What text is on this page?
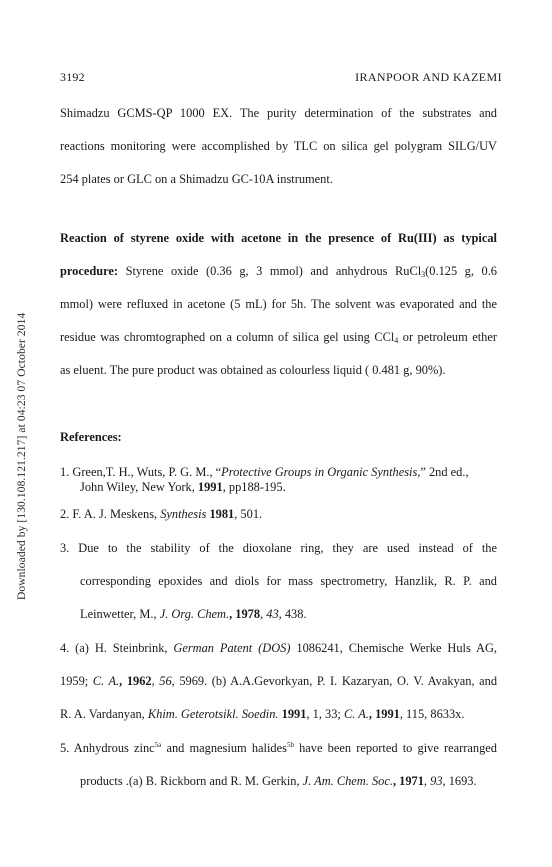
3192	IRANPOOR AND KAZEMI
Downloaded by [130.108.121.217] at 04:23 07 October 2014
Shimadzu GCMS-QP 1000 EX. The purity determination of the substrates and
reactions monitoring were accomplished by TLC on silica gel polygram SILG/UV
254 plates or GLC on a Shimadzu GC-10A instrument.
Reaction of styrene oxide with acetone in the presence of Ru(III) as typical
procedure: Styrene oxide (0.36 g, 3 mmol) and anhydrous RuCl$_3$(0.125 g, 0.6
mmol) were refluxed in acetone (5 mL) for 5h. The solvent was evaporated and the
residue was chromtographed on a column of silica gel using CCl$_4$ or petroleum ether
as eluent. The pure product was obtained as colourless liquid ( 0.481 g, 90%).
References:
1. Green,T. H., Wuts, P. G. M., “Protective Groups in Organic Synthesis,” 2nd ed.,
John Wiley, New York, 1991, pp188-195.
2. F. A. J. Meskens, Synthesis 1981, 501.
3. Due to the stability of the dioxolane ring, they are used instead of the
corresponding epoxides and diols for mass spectrometry, Hanzlik, R. P. and
Leinwetter, M., J. Org. Chem., 1978, 43, 438.
4. (a) H. Steinbrink, German Patent (DOS) 1086241, Chemische Werke Huls AG,
1959; C. A., 1962, 56, 5969. (b) A.A.Gevorkyan, P. I. Kazaryan, O. V. Avakyan, and
R. A. Vardanyan, Khim. Geterotsikl. Soedin. 1991, 1, 33; C. A., 1991, 115, 8633x.
5. Anhydrous zinc$^{5a}$ and magnesium halides$^{5b}$ have been reported to give rearranged
products .(a) B. Rickborn and R. M. Gerkin, J. Am. Chem. Soc., 1971, 93, 1693.
